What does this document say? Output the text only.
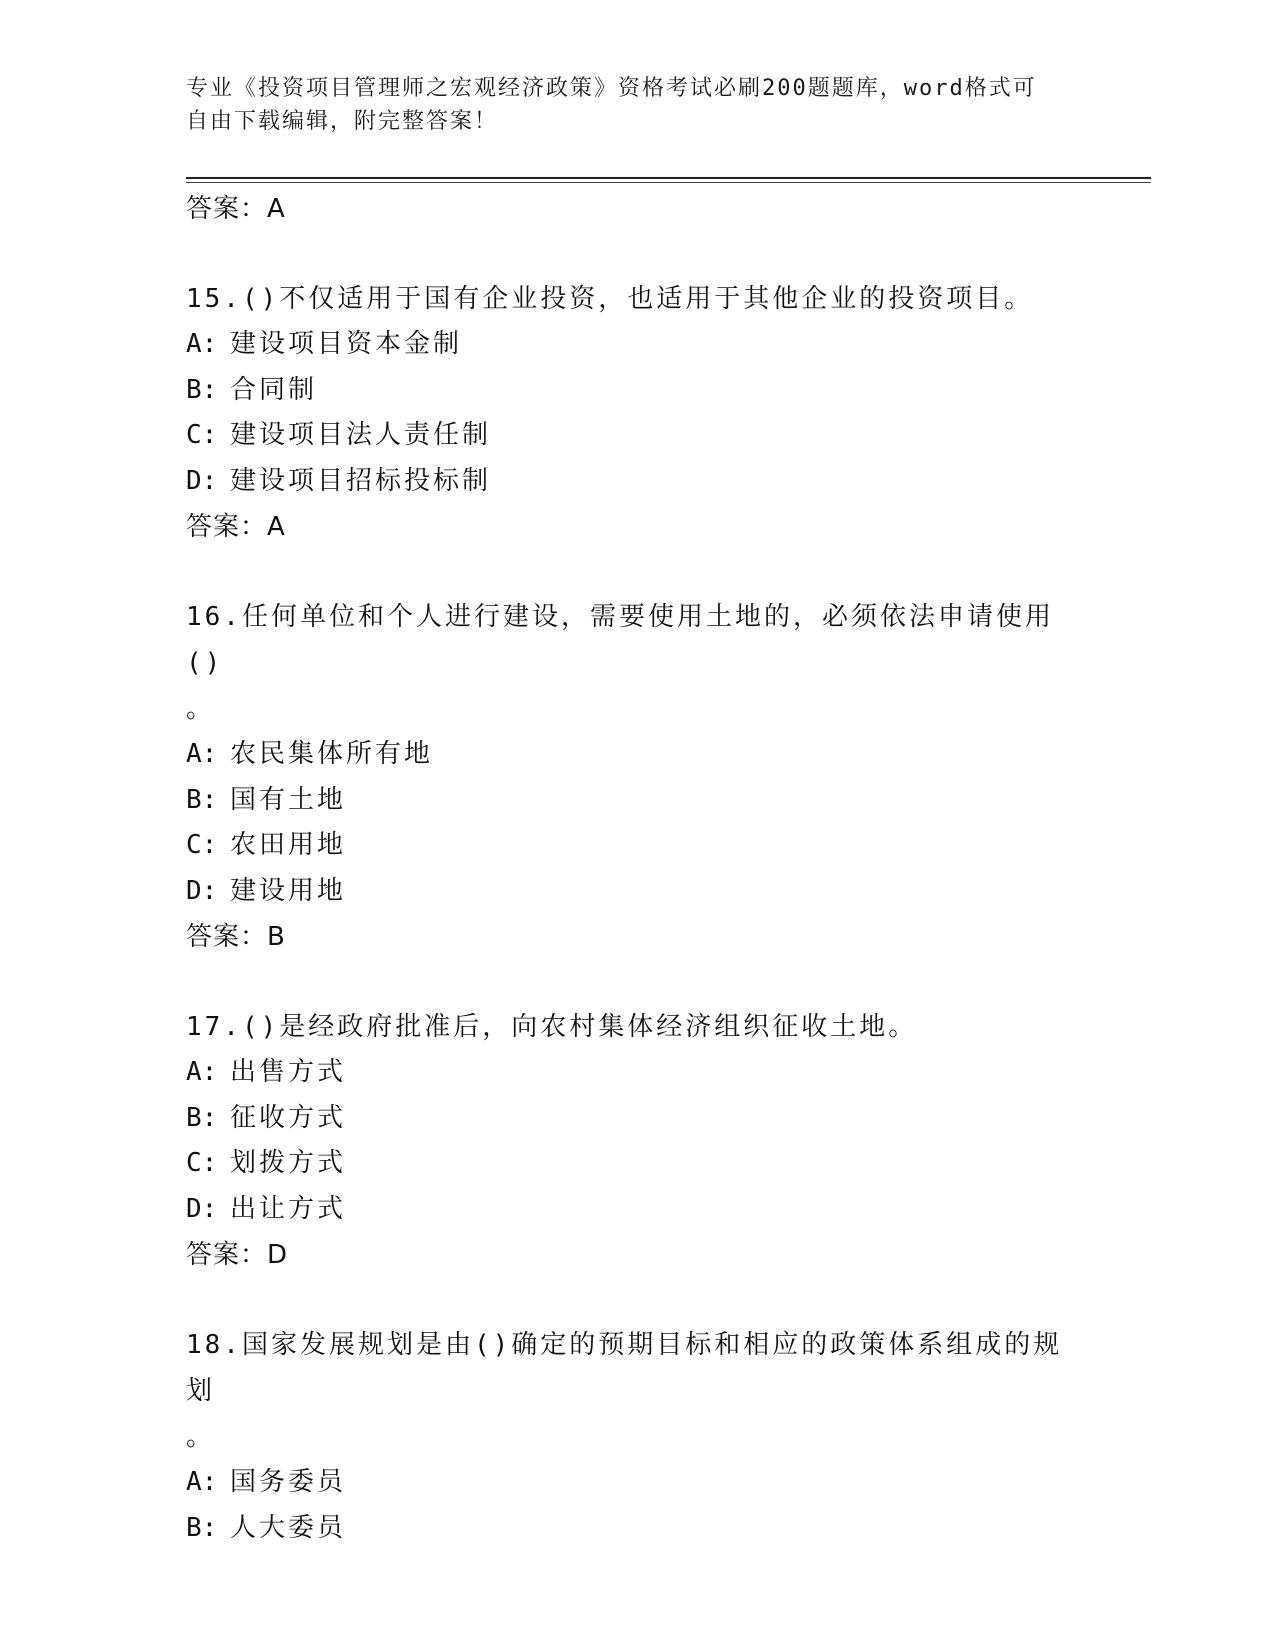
专业《投资项目管理师之宏观经济政策》资格考试必刷200题题库，word格式可
自由下载编辑，附完整答案！
答案：A
15.()不仅适用于国有企业投资，也适用于其他企业的投资项目。
A: 建设项目资本金制
B: 合同制
C: 建设项目法人责任制
D: 建设项目招标投标制
答案：A
16.任何单位和个人进行建设，需要使用土地的，必须依法申请使用()
。
A: 农民集体所有地
B: 国有土地
C: 农田用地
D: 建设用地
答案：B
17.()是经政府批准后，向农村集体经济组织征收土地。
A: 出售方式
B: 征收方式
C: 划拨方式
D: 出让方式
答案：D
18.国家发展规划是由()确定的预期目标和相应的政策体系组成的规划
。
A: 国务委员
B: 人大委员
